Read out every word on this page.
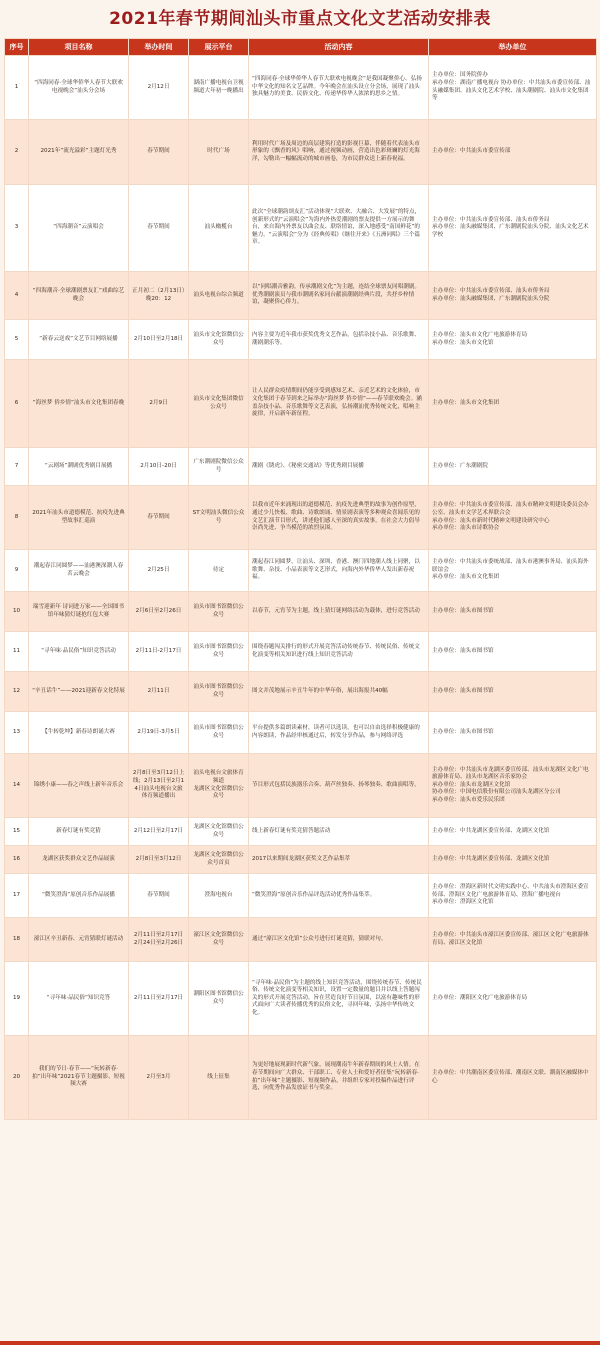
2021年春节期间汕头市重点文化文艺活动安排表
序号	项目名称	举办时间	展示平台	活动内容	举办单位
1	“四海同春·全球华侨华人春节大联欢电视晚会”汕头分会场	2月12日	湖南广播电视台卫视频道大年初一晚播出	“四海同春·全球华侨华人春节大联欢电视晚会”是我国凝聚侨心、弘扬中华文化的知名文艺品牌。今年晚会在汕头设立分会场，展现了汕头独具魅力的美食、民俗文化、传递华侨华人浓浓的思乡之情。	主办单位：国务院侨办
承办单位：湖南广播电视台 协办单位：中共汕头市委宣传部、汕头融媒集团、汕头文化艺术学校、汕头潮剧院、汕头市文化集团等
2	2021年“流光溢彩”主题灯光秀	春节期间	时代广场	利用时代广场及周边的高层建筑打造的影视巨幕，伴随着代表汕头市形象的《飘香的风》唱响，通过视频动画，营造出色彩斑斓的灯光海洋，勾勒出一幅幅流动的城市画卷，为市民群众送上新春祝福。	主办单位：中共汕头市委宣传部
3	“四海潮音”云演唱会	春节期间	汕头橄榄台	此次“全球潮韵颂友汇”活动体现“大联欢、大融合、大发展”的特点，创新形式的“云演唱会”为海内外热爱潮剧的票友提供一方展示的舞台，来自海内外票友以曲会友、联络情谊，深入地感受“南国鲜花”的魅力。“云演唱会”分为《经典传唱》《继往开来》《五洲同唱》三个篇章。	主办单位：中共汕头市委宣传部、汕头市侨务局
承办单位：汕头融媒集团、广东潮剧院汕头分院、汕头文化艺术学校
4	“四海潮音·全球潮剧票友汇”戏曲综艺晚会	正月初二（2月13日）晚20：12	汕头电视台综合频道	以“同唱潮音雅韵，传承潮剧文化”为主题，连结全球票友同唱潮剧。优秀潮剧演员与我市潮剧名家同台献演潮剧经典片段，共抒乡梓情谊，凝聚侨心侨力。	主办单位：中共汕头市委宣传部、汕头市侨务局
承办单位：汕头融媒集团、广东潮剧院汕头分院
5	“新春云送戏”文艺节目网络展播	2月10日至2月18日	汕头市文化馆微信公众号	内容主要为近年我市获奖优秀文艺作品，包括杂技小品、音乐歌舞、潮剧潮乐等。	主办单位：汕头市文化广电旅游体育局
承办单位：汕头市文化馆
6	“海丝梦 侨乡情”汕头市文化集团春晚	2月9日	汕头市文化集团微信公众号	让人民群众疫情期间仍能享受到感知艺术、亲近艺术的文化体验，市文化集团于春节到来之际举办“海丝梦 侨乡情”——春节联欢晚会。涵盖杂技小品、音乐歌舞等文艺表演，弘扬潮汕优秀传统文化，唱响主旋律，开启新年新征程。	主办单位：汕头市文化集团
7	“云剧场”潮剧优秀剧目展播	2月10日-20日	广东潮剧院微信公众号	潮剧《锈虎》、《秘密交通站》等优秀剧目展播	主办单位：广东潮剧院
8	2021年汕头市道德模范、抗疫先进典型故事汇巡演	春节期间	ST文明汕头微信公众号	以我市近年来涌现出的道德模范、抗疫先进典型的故事为创作原型，通过少儿快板、歌曲、诗歌朗诵、情景剧表演等多种观众喜闻乐见的文艺汇演节目形式，讲述他们感人至深的真实故事，在社会大力倡导崇尚先进、争当模范的浓烈氛围。	主办单位：中共汕头市委宣传部、汕头市精神文明建设委员会办公室、汕头市文学艺术界联合会
承办单位：汕头市新时代精神文明建设研究中心
承办单位：汕头市诗歌协会
9	潮起春江同圆梦——汕港澳深潮人春茗云晚会	2月25日	待定	潮起春江同圆梦，让汕头、深圳、香港、澳门四地潮人线上同聚，以歌舞、杂技、小品表演等文艺形式，向海内外华侨华人发出新春祝福。	主办单位：中共汕头市委统战部、汕头市港澳事务局、汕头海外联谊会
承办单位：汕头市文化集团
10	瑞雪迎新年 诗词进万家——全国图书馆年味猜灯谜抢红包大赛	2月6日至2月26日	汕头市图书馆微信公众号	以春节，元宵节为主题，线上猜灯谜网络活动为载体，进行竞答活动	主办单位：汕头市图书馆
11	“寻年味·品民俗”知识竞答活动	2月11日-2月17日	汕头市图书馆微信公众号	围绕春题闯关排行的形式开展竞答活动传统春节、传统民俗、传统文化演变等相关知识进行线上知识竞答活动	主办单位：汕头市图书馆
12	“辛丑话牛”——2021迎新春文化特展	2月11日	汕头市图书馆微信公众号	图文并茂地展示辛丑牛年的中华年俗，展出海报共40幅	主办单位：汕头市图书馆
13	【牛转乾坤】新春诗朗诵大赛	2月19日-3月5日	汕头市图书馆微信公众号	平台提供多篇朗读素材，读者可以选读，也可以自由选择积极健康的内容朗读，作品经审核通过后，转发分享作品，参与网络评选	主办单位：汕头市图书馆
14	锦绣小康——春之声线上新年音乐会	2月8日至3月12日上线；2月13日至2月14日汕头电视台文旅体育频道播出	汕头电视台文旅体育频道
龙湖区文化馆微信公众号	节目形式包括民族器乐合奏、葫芦丝独奏、扬琴独奏、歌曲演唱等。	主办单位：中共汕头市龙湖区委宣传部、汕头市龙湖区文化广电旅游体育局、汕头市龙湖区音乐家协会
承办单位：汕头市龙湖区文化馆
协办单位：中国电信股份有限公司汕头龙湖区分公司
承办单位：汕头市爱乐民乐团
15	新春灯谜有奖竞猜	2月12日至2月17日	龙湖区文化馆微信公众号	线上新春灯谜有奖竞猜答题活动	主办单位：中共龙湖区委宣传部、龙湖区文化馆
16	龙湖区获奖群众文艺作品展演	2月8日至3月12日	龙湖区文化馆微信公众号首页	2017以来期间龙湖区获奖文艺作品集萃	主办单位：中共龙湖区委宣传部、龙湖区文化馆
17	“微笑澄海”原创音乐作品展播	春节期间	澄海电视台	“微笑澄海”原创音乐作品评选活动优秀作品集萃。	主办单位：澄海区新时代文明实践中心、中共汕头市澄海区委宣传部、澄海区文化广电旅游体育局、澄海广播电视台
承办单位：澄海区文化馆
18	濠江区辛丑新春、元宵猜联灯谜活动	2月11日至2月17日
2月24日至2月26日	濠江区文化馆微信公众号	通过“濠江区文化馆”公众号进行灯谜竞猜，猜联对句。	主办单位：中共汕头市濠江区委宣传部、濠江区文化广电旅游体育局、濠江区文化馆
19	“寻年味·品民俗”知识竞答	2月11日至2月17日	潮阳区图书馆微信公众号	“寻年味·品民俗”为主题的线上知识竞答活动，围绕传统春节、传统民俗、传统文化演变等相关知识，设置一定数量的题目并以线上答题闯关的形式开展竞答活动。旨在营造良好节日氛围，以富有趣味性的形式面向广大读者传播优秀的民俗文化，寻回年味，弘扬中华传统文化。	主办单位：潮阳区文化广电旅游体育局
20	我们的节日·春节——“玩转新春·拍”出年味”2021春节主题摄影、短视频大赛	2月至3月	线上征集	为更好地展现新时代新气象，展现潮南牛年新春期间的风土人情。在春节期间向广大群众、干部职工、专业人士和爱好者征集“玩转新春·拍”出年味”主题摄影、短视频作品，并组织专家对投稿作品进行评选，向优秀作品发放证书与奖金。	主办单位：中共潮南区委宣传部、潮南区文联、潮南区融媒体中心
